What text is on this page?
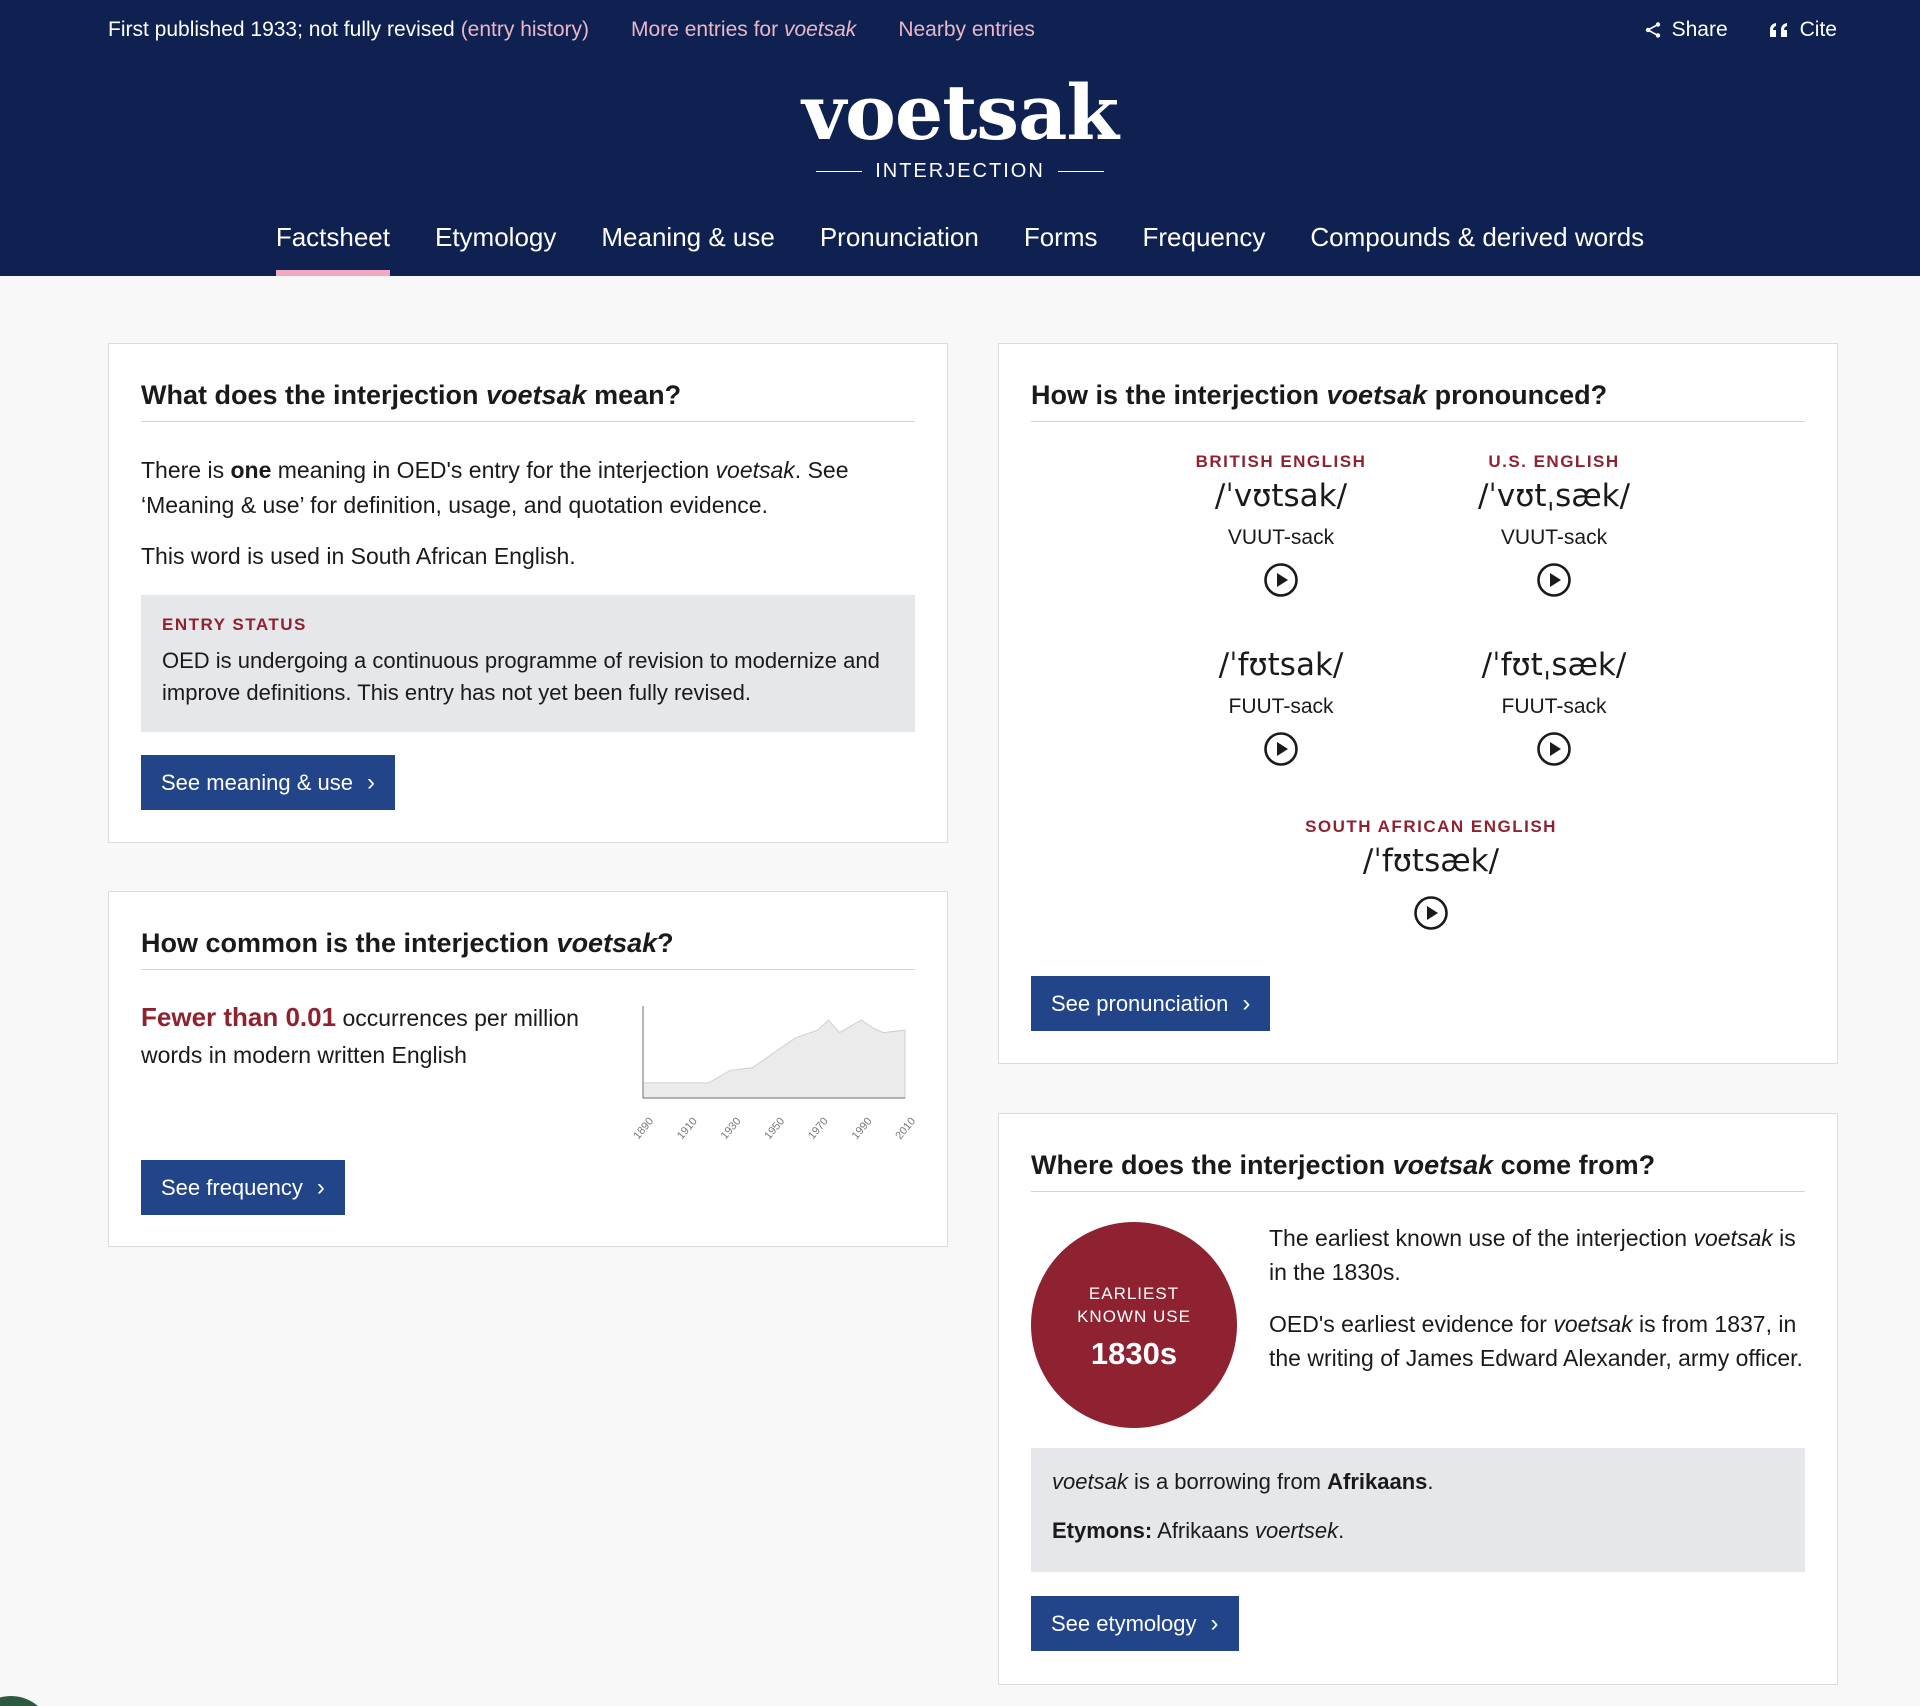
First published 1933; not fully revised (entry history) More entries for voetsak Nearby entries	Share	Cite
voetsak
INTERJECTION
Factsheet Etymology Meaning & use Pronunciation Forms Frequency Compounds & derived words
What does the interjection voetsak mean?
There is one meaning in OED's entry for the interjection voetsak. See ‘Meaning & use’ for definition, usage, and quotation evidence.
This word is used in South African English.
ENTRY STATUS
OED is undergoing a continuous programme of revision to modernize and improve definitions. This entry has not yet been fully revised.
See meaning & use ›
How common is the interjection voetsak?
Fewer than 0.01 occurrences per million words in modern written English
1890 1910 1930 1950 1970 1990 2010
See frequency ›
How is the interjection voetsak pronounced?
BRITISH ENGLISH
/ˈvʊtsak/
VUUT-sack
U.S. ENGLISH
/ˈvʊtˌsæk/
VUUT-sack
/ˈfʊtsak/
FUUT-sack
/ˈfʊtˌsæk/
FUUT-sack
SOUTH AFRICAN ENGLISH
/ˈfʊtsæk/
See pronunciation ›
Where does the interjection voetsak come from?
EARLIEST
KNOWN USE
1830s
The earliest known use of the interjection voetsak is in the 1830s.
OED's earliest evidence for voetsak is from 1837, in the writing of James Edward Alexander, army officer.

voetsak is a borrowing from Afrikaans.

Etymons: Afrikaans voertsek.

See etymology ›
